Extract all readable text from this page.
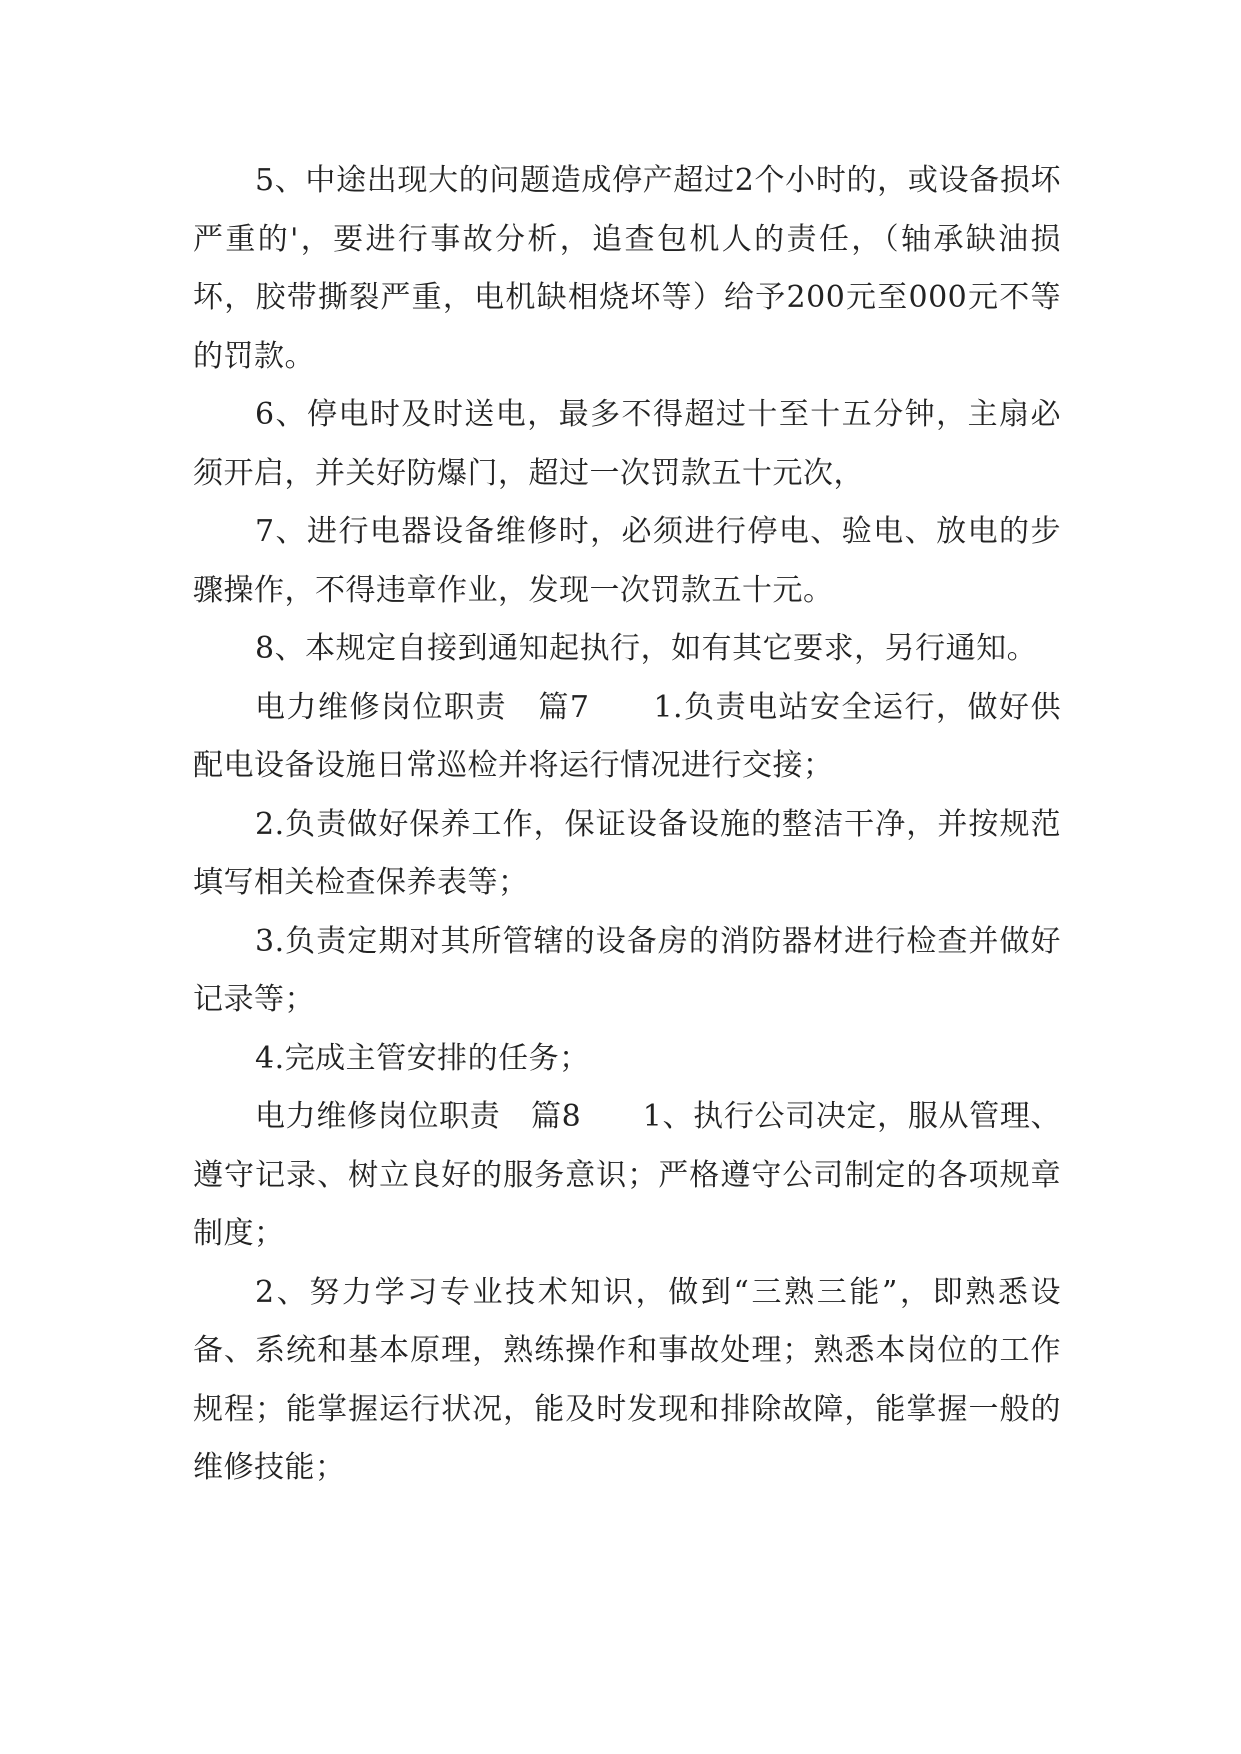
5、中途出现大的问题造成停产超过2个小时的，或设备损坏严重的'，要进行事故分析，追查包机人的责任，（轴承缺油损坏，胶带撕裂严重，电机缺相烧坏等）给予200元至000元不等的罚款。

6、停电时及时送电，最多不得超过十至十五分钟，主扇必须开启，并关好防爆门，超过一次罚款五十元次，

7、进行电器设备维修时，必须进行停电、验电、放电的步骤操作，不得违章作业，发现一次罚款五十元。

8、本规定自接到通知起执行，如有其它要求，另行通知。

电力维修岗位职责　篇7　　1.负责电站安全运行，做好供配电设备设施日常巡检并将运行情况进行交接；

2.负责做好保养工作，保证设备设施的整洁干净，并按规范填写相关检查保养表等；

3.负责定期对其所管辖的设备房的消防器材进行检查并做好记录等；

4.完成主管安排的任务；

电力维修岗位职责　篇8　　1、执行公司决定，服从管理、遵守记录、树立良好的服务意识；严格遵守公司制定的各项规章制度；

2、努力学习专业技术知识，做到“三熟三能”，即熟悉设备、系统和基本原理，熟练操作和事故处理；熟悉本岗位的工作规程；能掌握运行状况，能及时发现和排除故障，能掌握一般的维修技能；
